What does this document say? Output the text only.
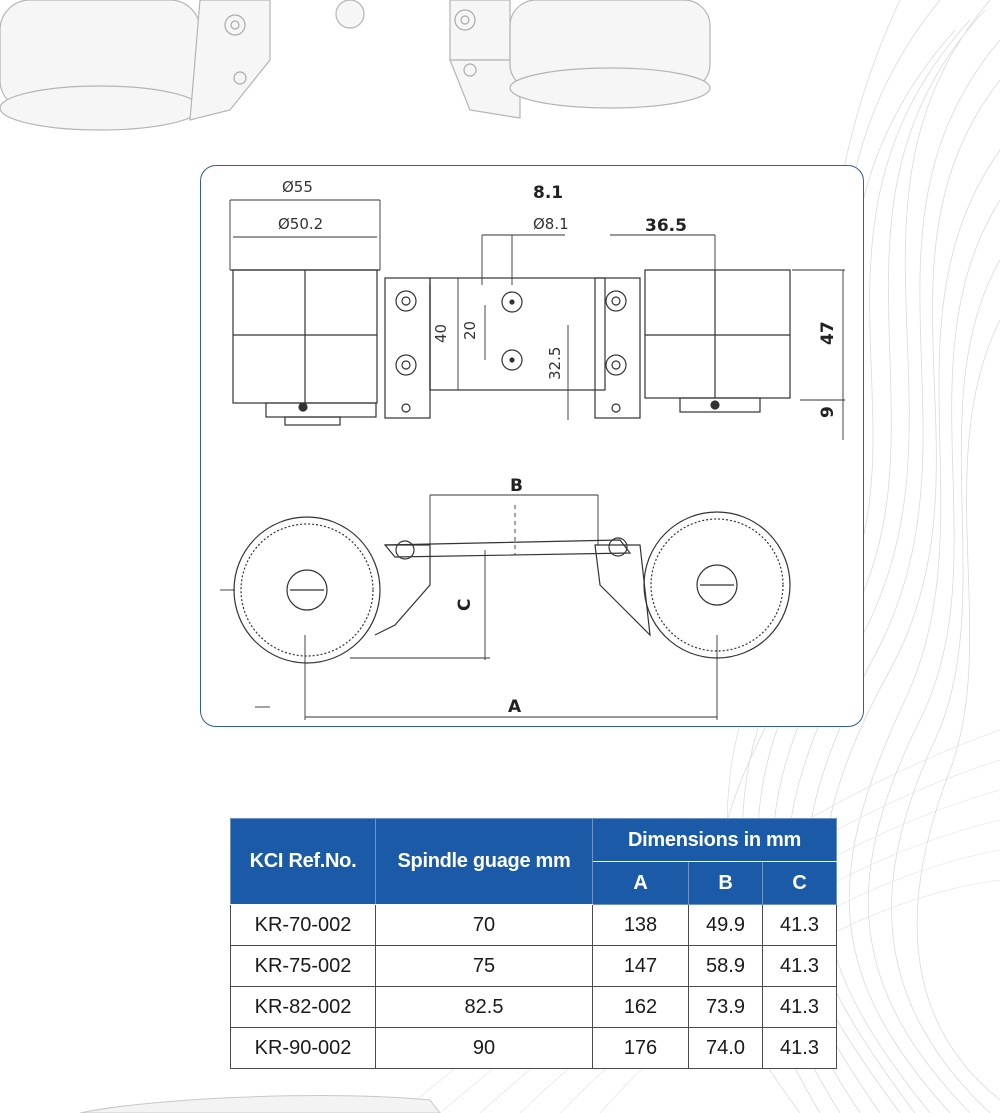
Ø55
Ø50.2
8.1
Ø8.1	36.5
40 20
32.5
47
9
B
C
A
KCI Ref.No.	Spindle guage mm	Dimensions in mm		
		A	B	C
KR-70-002	70	138	49.9	41.3
KR-75-002	75	147	58.9	41.3
KR-82-002	82.5	162	73.9	41.3
KR-90-002	90	176	74.0	41.3
